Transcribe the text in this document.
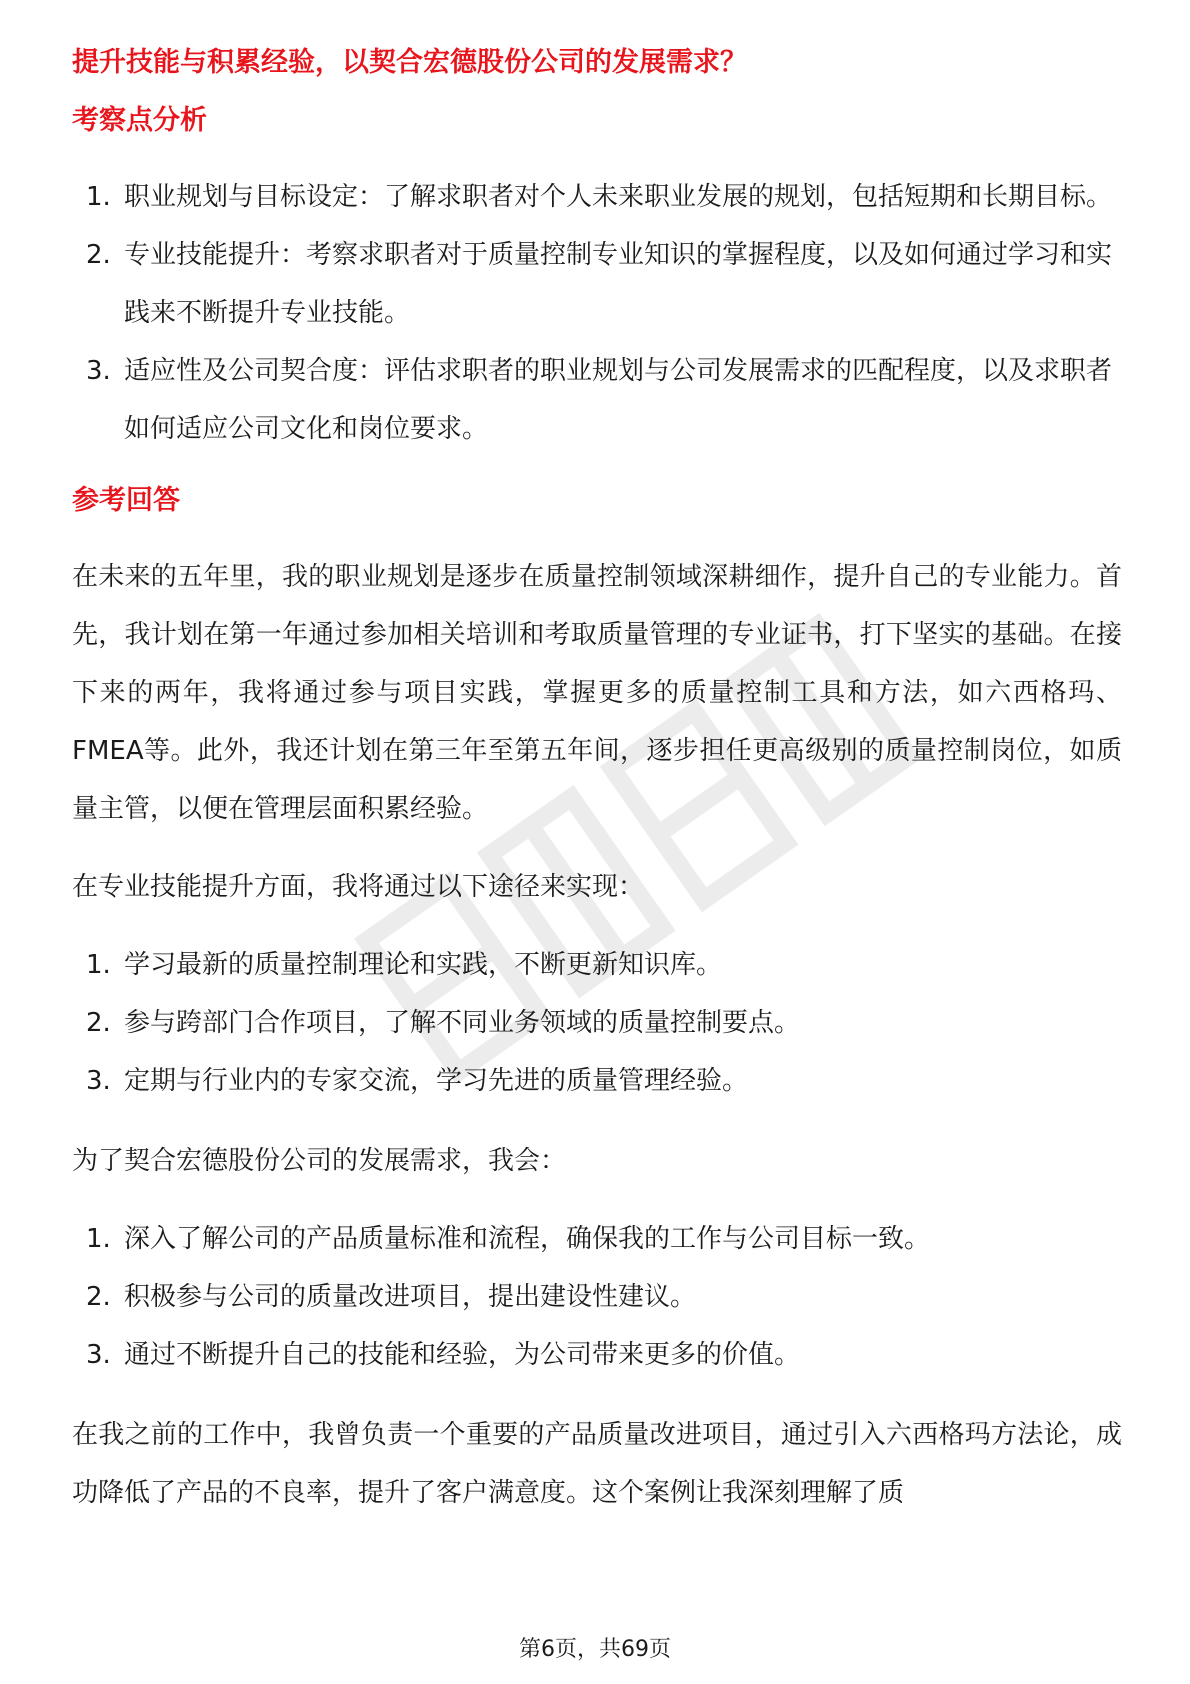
提升技能与积累经验，以契合宏德股份公司的发展需求？
考察点分析
1. 职业规划与目标设定：了解求职者对个人未来职业发展的规划，包括短期和长期目标。
2. 专业技能提升：考察求职者对于质量控制专业知识的掌握程度，以及如何通过学习和实践来不断提升专业技能。
3. 适应性及公司契合度：评估求职者的职业规划与公司发展需求的匹配程度，以及求职者如何适应公司文化和岗位要求。
参考回答

在未来的五年里，我的职业规划是逐步在质量控制领域深耕细作，提升自己的专业能力。首先，我计划在第一年通过参加相关培训和考取质量管理的专业证书，打下坚实的基础。在接下来的两年，我将通过参与项目实践，掌握更多的质量控制工具和方法，如六西格玛、FMEA等。此外，我还计划在第三年至第五年间，逐步担任更高级别的质量控制岗位，如质量主管，以便在管理层面积累经验。

在专业技能提升方面，我将通过以下途径来实现：

1. 学习最新的质量控制理论和实践，不断更新知识库。
2. 参与跨部门合作项目，了解不同业务领域的质量控制要点。
3. 定期与行业内的专家交流，学习先进的质量管理经验。

为了契合宏德股份公司的发展需求，我会：

1. 深入了解公司的产品质量标准和流程，确保我的工作与公司目标一致。
2. 积极参与公司的质量改进项目，提出建设性建议。
3. 通过不断提升自己的技能和经验，为公司带来更多的价值。

在我之前的工作中，我曾负责一个重要的产品质量改进项目，通过引入六西格玛方法论，成功降低了产品的不良率，提升了客户满意度。这个案例让我深刻理解了质

第6页，共69页
